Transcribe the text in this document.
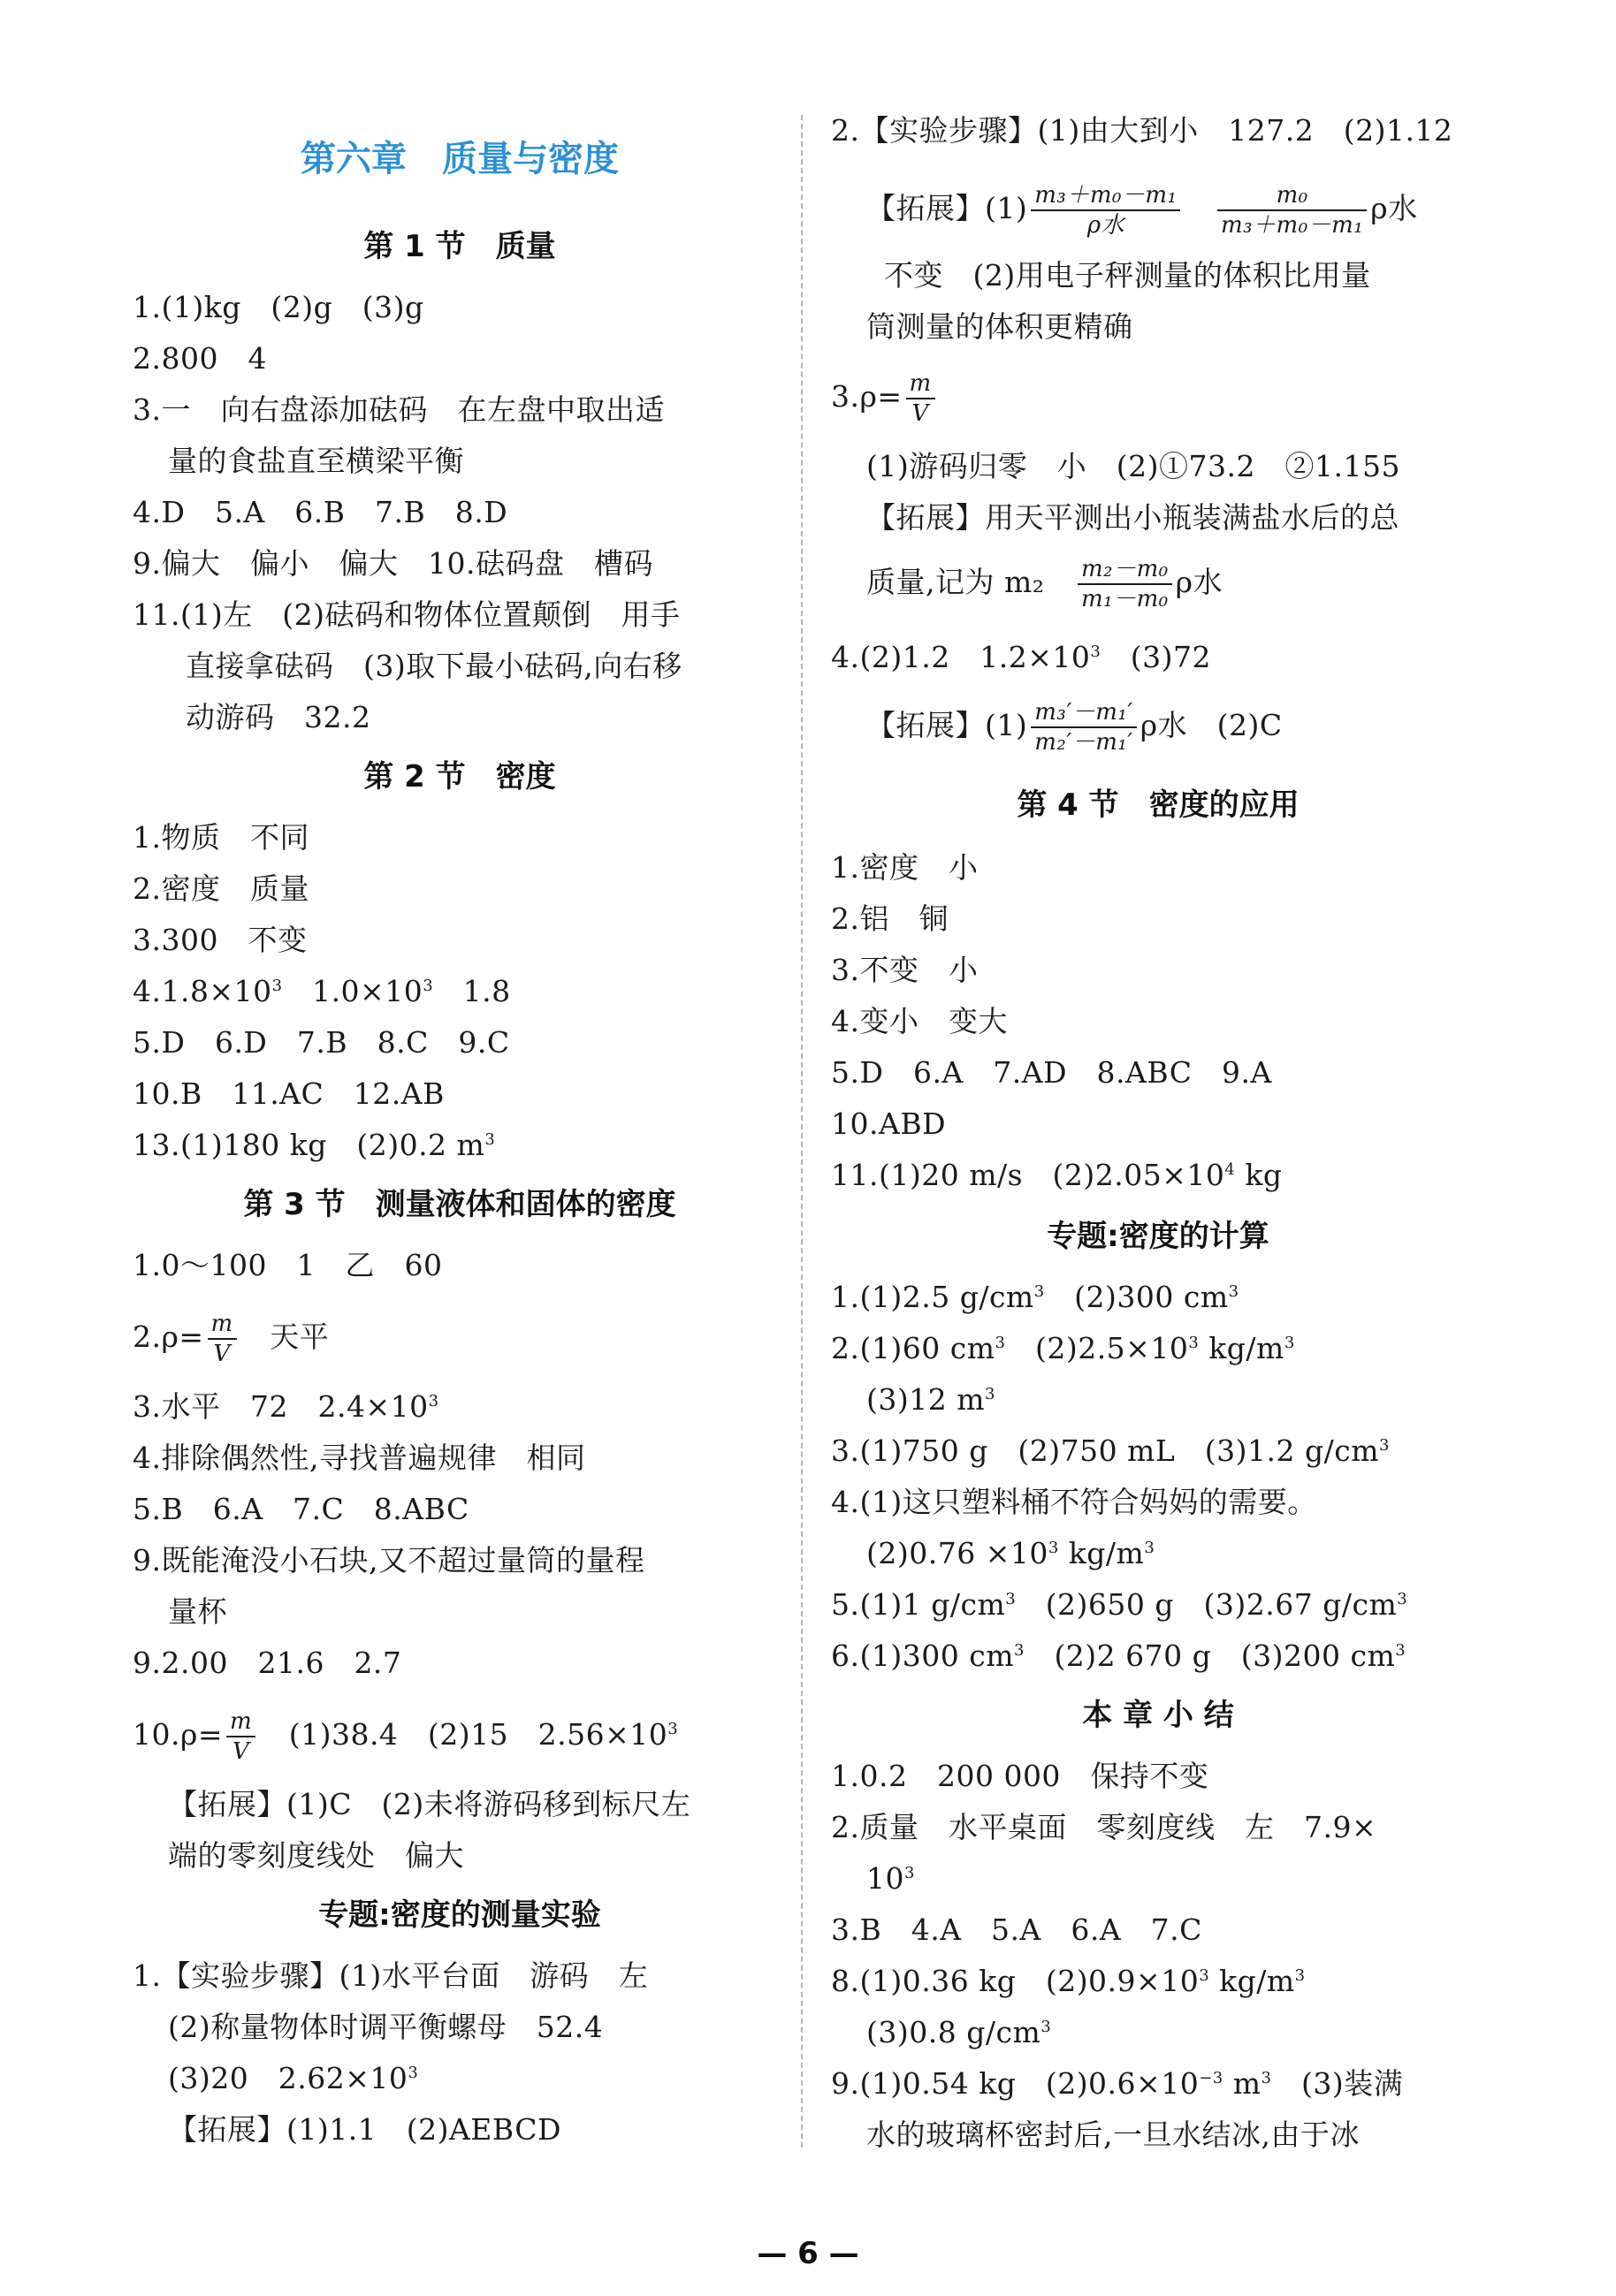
第六章　质量与密度
第 1 节　质量
1.(1)kg　(2)g　(3)g
2.800　4
3.一　向右盘添加砝码　在左盘中取出适
量的食盐直至横梁平衡
4.D　5.A　6.B　7.B　8.D
9.偏大　偏小　偏大　10.砝码盘　槽码
11.(1)左　(2)砝码和物体位置颠倒　用手
直接拿砝码　(3)取下最小砝码,向右移
动游码　32.2
第 2 节　密度
1.物质　不同
2.密度　质量
3.300　不变
$4.1.8\times 10^3$　$1.0\times 10^3$　1.8
5.D　6.D　7.B　8.C　9.C
10.B　11.AC　12.AB
13.(1)180 kg　(2)0.2 $m^3$
第 3 节　测量液体和固体的密度
1.0～100　1　乙　60
$2.\rho= \frac{m}{V}$ 　天平
3.水平　72　$2.4\times 10^3$
4.排除偶然性,寻找普遍规律　相同
5.B　6.A　7.C　8.ABC
9.既能淹没小石块,又不超过量筒的量程
量杯
9.2.00　21.6　2.7
$10.\rho= \frac{m}{V}$ 　(1)38.4　(2)15　$2.56\times 10^3$
【拓展】(1)C　(2)未将游码移到标尺左
端的零刻度线处　偏大
专题:密度的测量实验
1.【实验步骤】(1)水平台面　游码　左
(2)称量物体时调平衡螺母　52.4
(3)20　$2.62\times 10^3$
【拓展】(1)1.1　(2)AEBCD
2.【实验步骤】(1)由大到小　127.2　(2)1.12
【拓展】$(1) \frac{\text{m₃＋m₀－m₁}}{\text{ρ水}}$
　 $\frac{\text{m₀}}{\text{m₃＋m₀－m₁}}$ ρ水
不变　(2)用电子秤测量的体积比用量
筒测量的体积更精确
$3.\rho= \frac{m}{V}$
(1)游码归零　小　(2)①73.2　②1.155
【拓展】用天平测出小瓶装满盐水后的总
质量,记为 m₂　 $\frac{\text{m₂－m₀}}{\text{m₁－m₀}}$ ρ水
4.(2)1.2　$1.2\times 10^3$　(3)72
【拓展】$(1) \frac{\text{m₃′－m₁′}}{\text{m₂′－m₁′}}$ ρ水　(2)C
第 4 节　密度的应用
1.密度　小
2.铝　铜
3.不变　小
4.变小　变大
5.D　6.A　7.AD　8.ABC　9.A
10.ABD
11.(1)20 m/s　$(2)2.05\times 10^4$ kg
专题:密度的计算
1.(1)2.5 $g/cm^3$　(2)300 $cm^3$
2.(1)60 $cm^3$　$(2)2.5\times 10^3$ $kg/m^3$
(3)12 $m^3$
3.(1)750 g　(2)750 mL　(3)1.2 $g/cm^3$
4.(1)这只塑料桶不符合妈妈的需要。
$(2)0.76 \times 10^3$ $kg/m^3$
5.(1)1 $g/cm^3$　(2)650 g　(3)2.67 $g/cm^3$
6.(1)300 $cm^3$　(2)2 670 g　(3)200 $cm^3$
本 章 小 结
1.0.2　200 000　保持不变
2.质量　水平桌面　零刻度线　左　7.9×
$10^3$
3.B　4.A　5.A　6.A　7.C
8.(1)0.36 kg　$(2)0.9\times 10^3$ $kg/m^3$
(3)0.8 $g/cm^3$
9.(1)0.54 kg　$(2)0.6\times 10^{-3}$ $m^3$　(3)装满
水的玻璃杯密封后,一旦水结冰,由于冰
— 6 —
